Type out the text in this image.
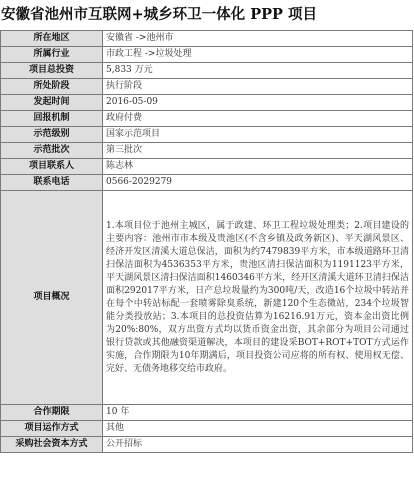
安徽省池州市互联网+城乡环卫一体化 PPP 项目
所在地区	安徽省 ->池州市
所属行业	市政工程 ->垃圾处理
项目总投资	5,833 万元
所处阶段	执行阶段
发起时间	2016-05-09
回报机制	政府付费
示范级别	国家示范项目
示范批次	第三批次
项目联系人	陈志林
联系电话	0566-2029279
项目概况	1.本项目位于池州主城区，属于政建、环卫工程垃圾处理类；2.项目建设的主要内容：池州市市本级及贵池区(不含乡镇及政务新区)、平天湖风景区、经济开发区清溪大道总保洁，面积为约7479839平方米，市本级道路环卫清扫保洁面积为4536353平方米，贵池区清扫保洁面积为1191123平方米，平天湖风景区清扫保洁面积1460346平方米，经开区清溪大道环卫清扫保洁面积292017平方米，日产总垃圾量约为300吨/天，改造16个垃圾中转站并在每个中转站标配一套喷雾除臭系统，新建120个生态微站，234个垃圾智能分类投放站；3.本项目的总投资估算为16216.91万元，资本金出资比例为20%:80%，双方出资方式均以货币资金出资，其余部分为项目公司通过银行贷款或其他融资渠道解决，本项目的建设采BOT+ROT+TOT方式运作实施，合作期限为10年期满后，项目投资公司应将的所有权、使用权无偿、完好、无债务地移交给市政府。
合作期限	10 年
项目运作方式	其他
采购社会资本方式	公开招标
